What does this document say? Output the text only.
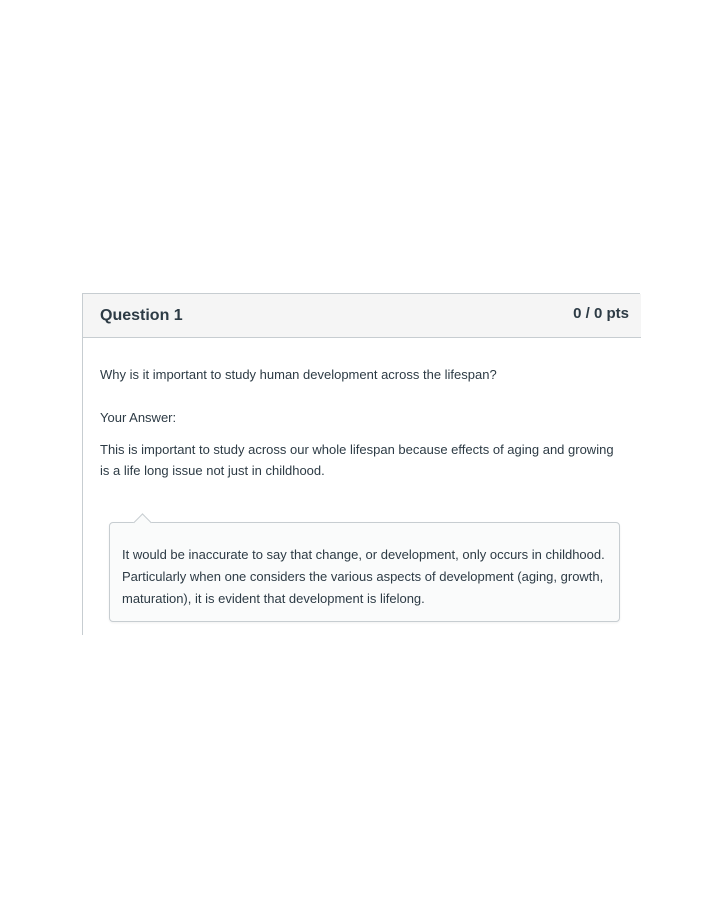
Question 1	0 / 0 pts
Why is it important to study human development across the lifespan?
Your Answer:
This is important to study across our whole lifespan because effects of aging and growing is a life long issue not just in childhood.
It would be inaccurate to say that change, or development, only occurs in childhood. Particularly when one considers the various aspects of development (aging, growth, maturation), it is evident that development is lifelong.
